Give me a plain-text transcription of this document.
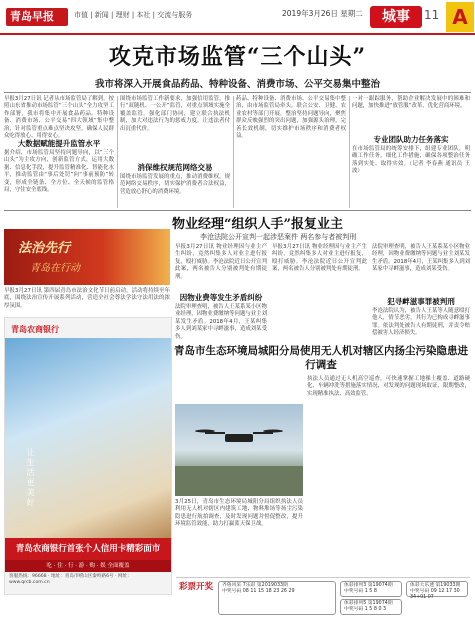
青岛早报	市值 | 新闻 | 理财 | 本社 | 交流与服务	2019年3月26日 星期二	城事	11 A
攻克市场监管“三个山头”
我市将深入开展食品药品、特种设备、消费市场、公平交易集中整治
早报3月27日讯 记者从市场监管局了解到，按照山东省推动市场监管“三个山头”全力攻坚工作部署，我市将集中开展食品药品、特种设备、消费市场、公平交易“四大领域”集中整治，针对监管重点难点坚决攻坚，确保人民群众吃得放心、用得安心。
大数据赋能提升监管水平
据介绍，市场监管局坚持问题导向，以“三个山头”为主攻方向，创新监管方式，运用大数据、信息化手段，提升监管精准化、智能化水平，推动监管由“事后处罚”向“事前预防”转变，形成全链条、全方位、全天候的监管格局，守住安全底线。
围绕市场监管工作新要求，加强信用监管，推行“双随机、一公开”监管，对重点领域实施全覆盖监管。强化部门协同，建立联合执法机制，加大对违法行为的惩戒力度，让违法者付出沉重代价。
消保维权规范网络交易
围绕市场监管发展的重点，推动消费维权，规范网络交易秩序，切实保护消费者合法权益，营造放心舒心的消费环境。
药品、特种设备、消费市场、公平交易集中整治，由市场监管局牵头，联合公安、卫健、农业农村等部门开展。整治坚持问题导向，聚焦群众反映强烈的突出问题，加强源头治理，完善长效机制，切实维护市场秩序和消费者权益。
一对一跟踪服务，帮助企业解决发展中的困难和问题，加快推进“放管服”改革，优化营商环境。
专业团队助力任务落实
在市场监管局的统筹安排下，组建专业团队，明确工作任务，细化工作措施，确保各项整治任务落到实处、取得实效。（记者 李春燕 通讯员 王波）
法治先行
青岛在行动
早报3月27日讯 第四届青岛市法治文化节日前启动。活动将持续至年底，围绕法治宣传开展系列活动，营造全社会尊法学法守法用法的浓厚氛围。
青岛农商银行
让生活更美好
青岛农商银行首张个人信用卡精彩面市
吃 · 住 · 行 · 游 · 购 · 娱 全面覆盖
客服热线：96668 · 地址：青岛市崂山区秦岭路6号 · 网址：www.qrcb.com.cn
物业经理“组织人手”报复业主
李沧法院公开宣判一起涉恶案件 两名参与者被判刑
早报3月27日讯 物业经理因与业主产生纠纷，竟然纠集多人对业主进行报复，殴打威胁。李沧法院近日公开宣判此案，两名被告人分别被判处有期徒刑。
因物业费等发生矛盾纠纷
法院审理查明，被告人王某系某小区物业经理，因物业费缴纳等问题与业主刘某发生矛盾。2018年4月，王某纠集多人到刘某家中寻衅滋事，造成刘某受伤。
早报3月27日讯 物业经理因与业主产生纠纷，竟然纠集多人对业主进行报复，殴打威胁。李沧法院近日公开宣判此案，两名被告人分别被判处有期徒刑。
法院审理查明，被告人王某系某小区物业经理，因物业费缴纳等问题与业主刘某发生矛盾。2018年4月，王某纠集多人到刘某家中寻衅滋事，造成刘某受伤。
犯寻衅滋事罪被判刑
李沧法院认为，被告人王某等人随意殴打他人，情节恶劣，其行为已构成寻衅滋事罪。依法判处被告人有期徒刑，并责令赔偿被害人经济损失。
青岛市生态环境局城阳分局使用无人机对辖区内扬尘污染隐患进行调查
3月25日，青岛市生态环境局城阳分局组织执法人员利用无人机对辖区内建筑工地、物料堆场等扬尘污染隐患进行航拍调查，及时发现问题并督促整改，提升环境监管效能，助力打赢蓝天保卫战。
执法人员通过无人机高空巡查，可快速掌握工地裸土覆盖、道路硬化、车辆冲洗等措施落实情况，对发现的问题现场取证、限期整改，实现精准执法、高效监管。
彩票开奖 齐鲁风采 7乐彩 第2019033期
中奖号码 08 11 15 18 23 26 29
体彩排列3 第19074期
中奖号码 1 5 8
体彩大乐透 第19033期
中奖号码 09 12 17 30 34+01 07
体彩排列5 第19074期
中奖号码 1 5 8 0 3
